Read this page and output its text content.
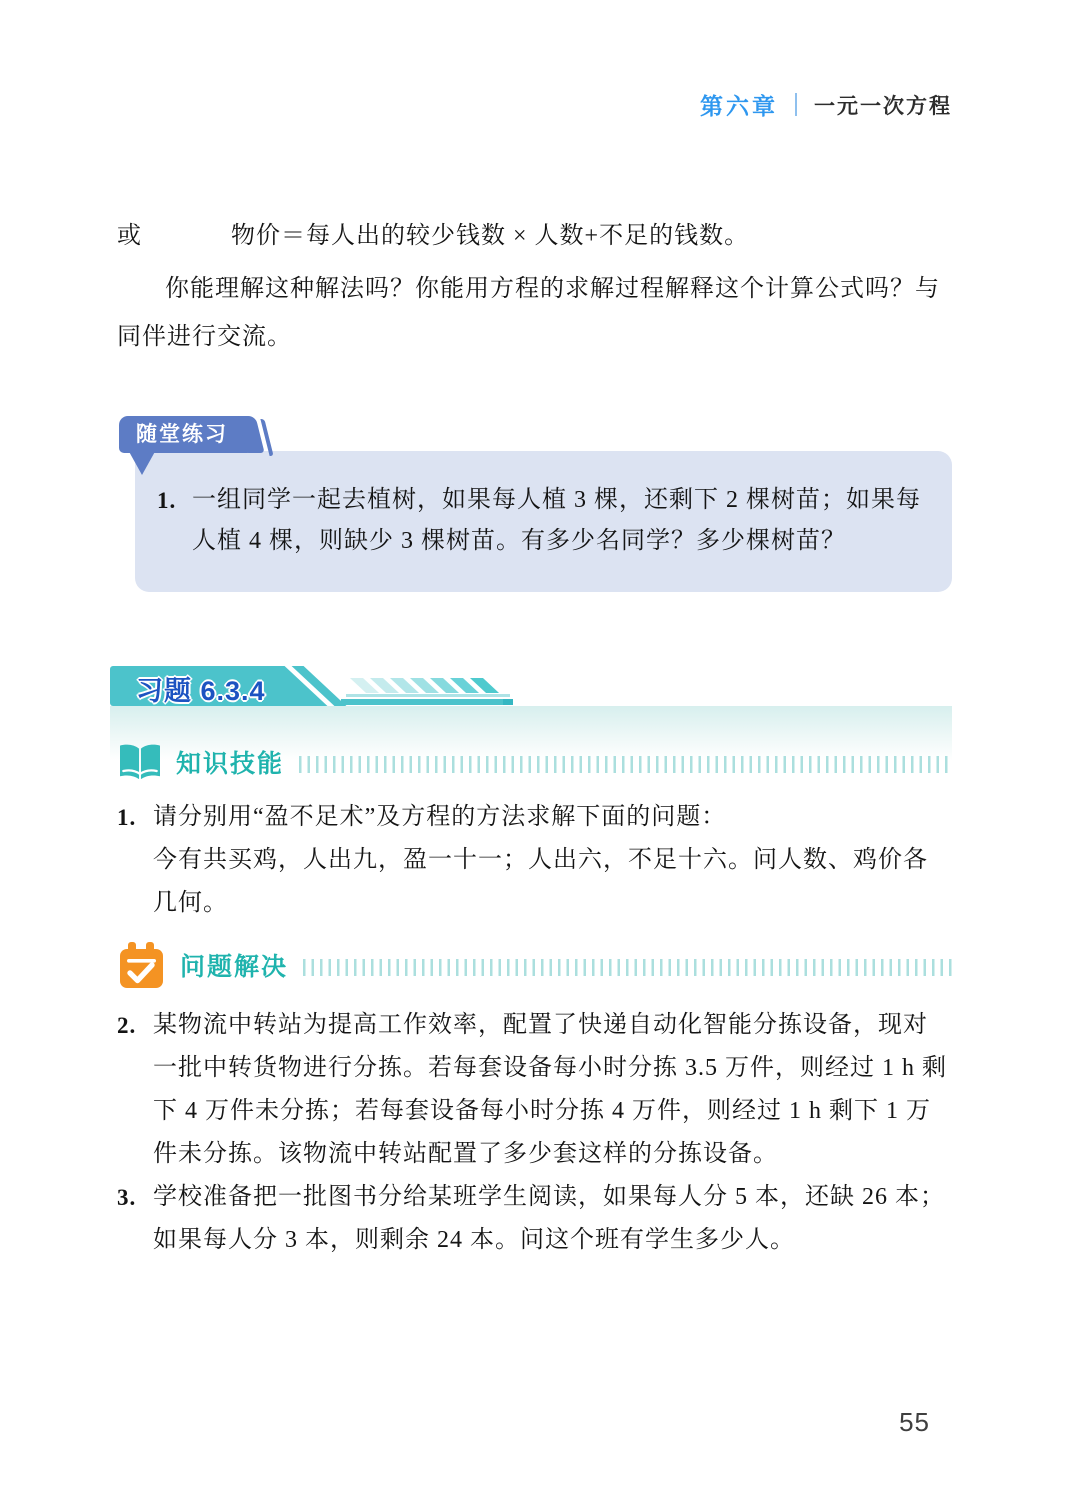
第六章 一元一次方程
或	物价＝每人出的较少钱数 × 人数+不足的钱数。
你能理解这种解法吗？你能用方程的求解过程解释这个计算公式吗？与同伴进行交流。
随堂练习
1. 一组同学一起去植树，如果每人植 3 棵，还剩下 2 棵树苗；如果每人植 4 棵，则缺少 3 棵树苗。有多少名同学？多少棵树苗？
习题 6.3.4
知识技能
1. 请分别用“盈不足术”及方程的方法求解下面的问题：
今有共买鸡，人出九，盈一十一；人出六，不足十六。问人数、鸡价各几何。
问题解决
2. 某物流中转站为提高工作效率，配置了快递自动化智能分拣设备，现对一批中转货物进行分拣。若每套设备每小时分拣 3.5 万件，则经过 1 h 剩下 4 万件未分拣；若每套设备每小时分拣 4 万件，则经过 1 h 剩下 1 万件未分拣。该物流中转站配置了多少套这样的分拣设备。
3. 学校准备把一批图书分给某班学生阅读，如果每人分 5 本，还缺 26 本；如果每人分 3 本，则剩余 24 本。问这个班有学生多少人。
55
